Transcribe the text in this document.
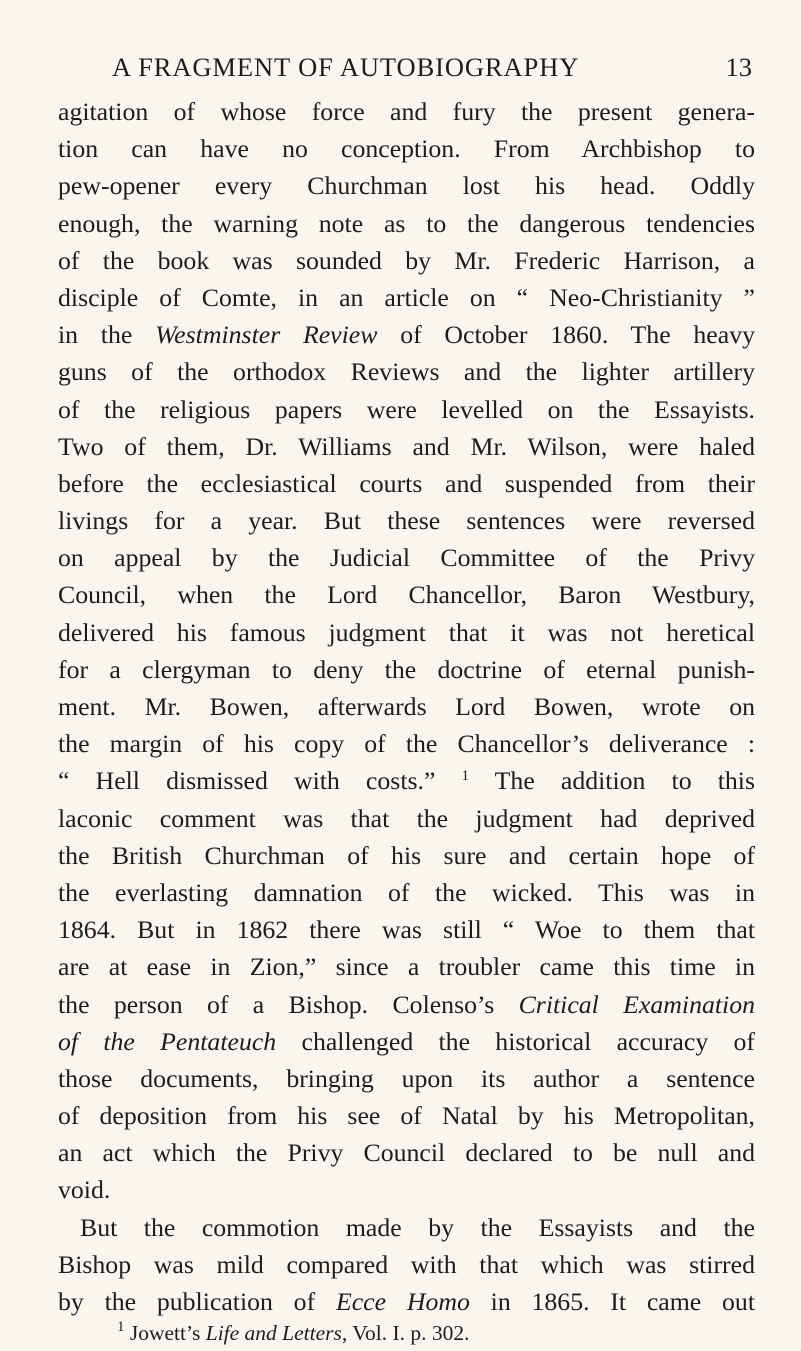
A FRAGMENT OF AUTOBIOGRAPHY	13
agitation of whose force and fury the present genera-
tion can have no conception. From Archbishop to
pew-opener every Churchman lost his head. Oddly
enough, the warning note as to the dangerous tendencies
of the book was sounded by Mr. Frederic Harrison, a
disciple of Comte, in an article on “ Neo-Christianity ”
in the Westminster Review of October 1860. The heavy
guns of the orthodox Reviews and the lighter artillery
of the religious papers were levelled on the Essayists.
Two of them, Dr. Williams and Mr. Wilson, were haled
before the ecclesiastical courts and suspended from their
livings for a year. But these sentences were reversed
on appeal by the Judicial Committee of the Privy
Council, when the Lord Chancellor, Baron Westbury,
delivered his famous judgment that it was not heretical
for a clergyman to deny the doctrine of eternal punish-
ment. Mr. Bowen, afterwards Lord Bowen, wrote on
the margin of his copy of the Chancellor’s deliverance :
“ Hell dismissed with costs.” $^1$ The addition to this
laconic comment was that the judgment had deprived
the British Churchman of his sure and certain hope of
the everlasting damnation of the wicked. This was in
1864. But in 1862 there was still “ Woe to them that
are at ease in Zion,” since a troubler came this time in
the person of a Bishop. Colenso’s Critical Examination
of the Pentateuch challenged the historical accuracy of
those documents, bringing upon its author a sentence
of deposition from his see of Natal by his Metropolitan,
an act which the Privy Council declared to be null and
void.
But the commotion made by the Essayists and the
Bishop was mild compared with that which was stirred
by the publication of Ecce Homo in 1865. It came out
$^1$ Jowett’s Life and Letters, Vol. I. p. 302.
